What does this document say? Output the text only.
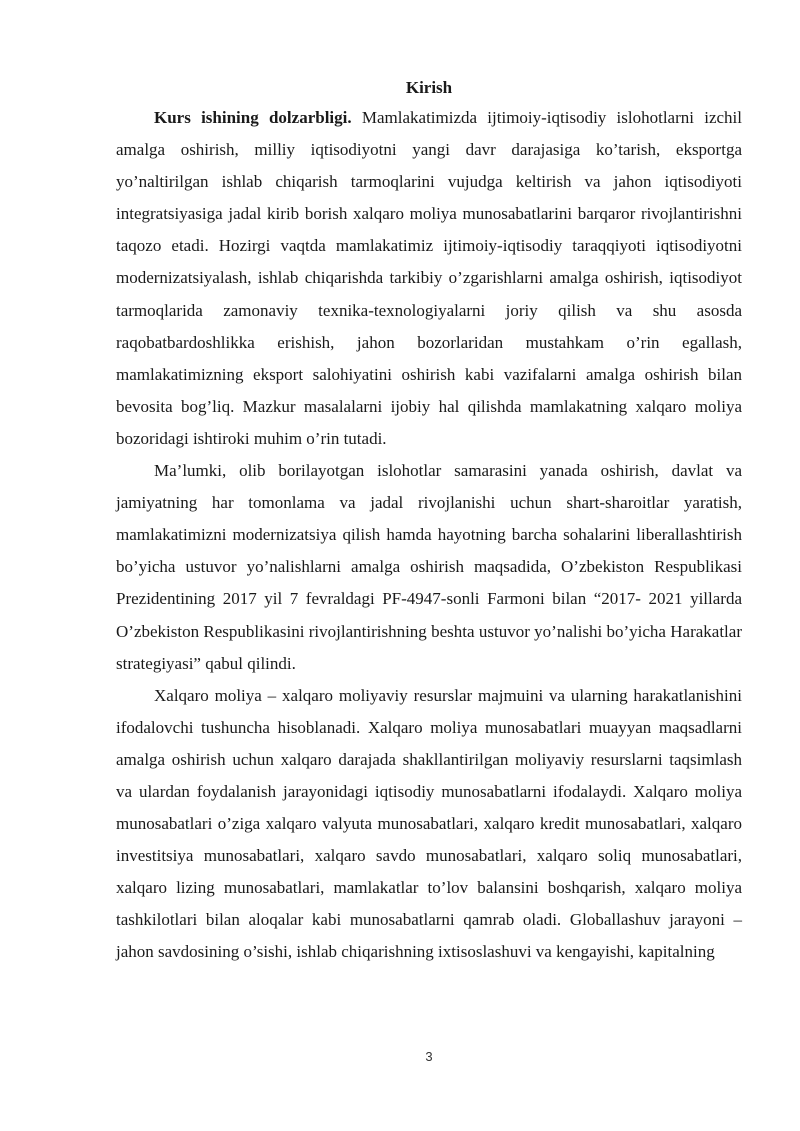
Kirish

Kurs ishining dolzarbligi. Mamlakatimizda ijtimoiy-iqtisodiy islohotlarni izchil amalga oshirish, milliy iqtisodiyotni yangi davr darajasiga ko’tarish, eksportga yo’naltirilgan ishlab chiqarish tarmoqlarini vujudga keltirish va jahon iqtisodiyoti integratsiyasiga jadal kirib borish xalqaro moliya munosabatlarini barqaror rivojlantirishni taqozo etadi. Hozirgi vaqtda mamlakatimiz ijtimoiy-iqtisodiy taraqqiyoti iqtisodiyotni modernizatsiyalash, ishlab chiqarishda tarkibiy o’zgarishlarni amalga oshirish, iqtisodiyot tarmoqlarida zamonaviy texnika-texnologiyalarni joriy qilish va shu asosda raqobatbardoshlikka erishish, jahon bozorlaridan mustahkam o’rin egallash, mamlakatimizning eksport salohiyatini oshirish kabi vazifalarni amalga oshirish bilan bevosita bog’liq. Mazkur masalalarni ijobiy hal qilishda mamlakatning xalqaro moliya bozoridagi ishtiroki muhim o’rin tutadi.

Ma’lumki, olib borilayotgan islohotlar samarasini yanada oshirish, davlat va jamiyatning har tomonlama va jadal rivojlanishi uchun shart-sharoitlar yaratish, mamlakatimizni modernizatsiya qilish hamda hayotning barcha sohalarini liberallashtirish bo’yicha ustuvor yo’nalishlarni amalga oshirish maqsadida, O’zbekiston Respublikasi Prezidentining 2017 yil 7 fevraldagi PF-4947-sonli Farmoni bilan “2017- 2021 yillarda O’zbekiston Respublikasini rivojlantirishning beshta ustuvor yo’nalishi bo’yicha Harakatlar strategiyasi” qabul qilindi.

Xalqaro moliya – xalqaro moliyaviy resurslar majmuini va ularning harakatlanishini ifodalovchi tushuncha hisoblanadi. Xalqaro moliya munosabatlari muayyan maqsadlarni amalga oshirish uchun xalqaro darajada shakllantirilgan moliyaviy resurslarni taqsimlash va ulardan foydalanish jarayonidagi iqtisodiy munosabatlarni ifodalaydi. Xalqaro moliya munosabatlari o’ziga xalqaro valyuta munosabatlari, xalqaro kredit munosabatlari, xalqaro investitsiya munosabatlari, xalqaro savdo munosabatlari, xalqaro soliq munosabatlari, xalqaro lizing munosabatlari, mamlakatlar to’lov balansini boshqarish, xalqaro moliya tashkilotlari bilan aloqalar kabi munosabatlarni qamrab oladi. Globallashuv jarayoni – jahon savdosining o’sishi, ishlab chiqarishning ixtisoslashuvi va kengayishi, kapitalning

3
